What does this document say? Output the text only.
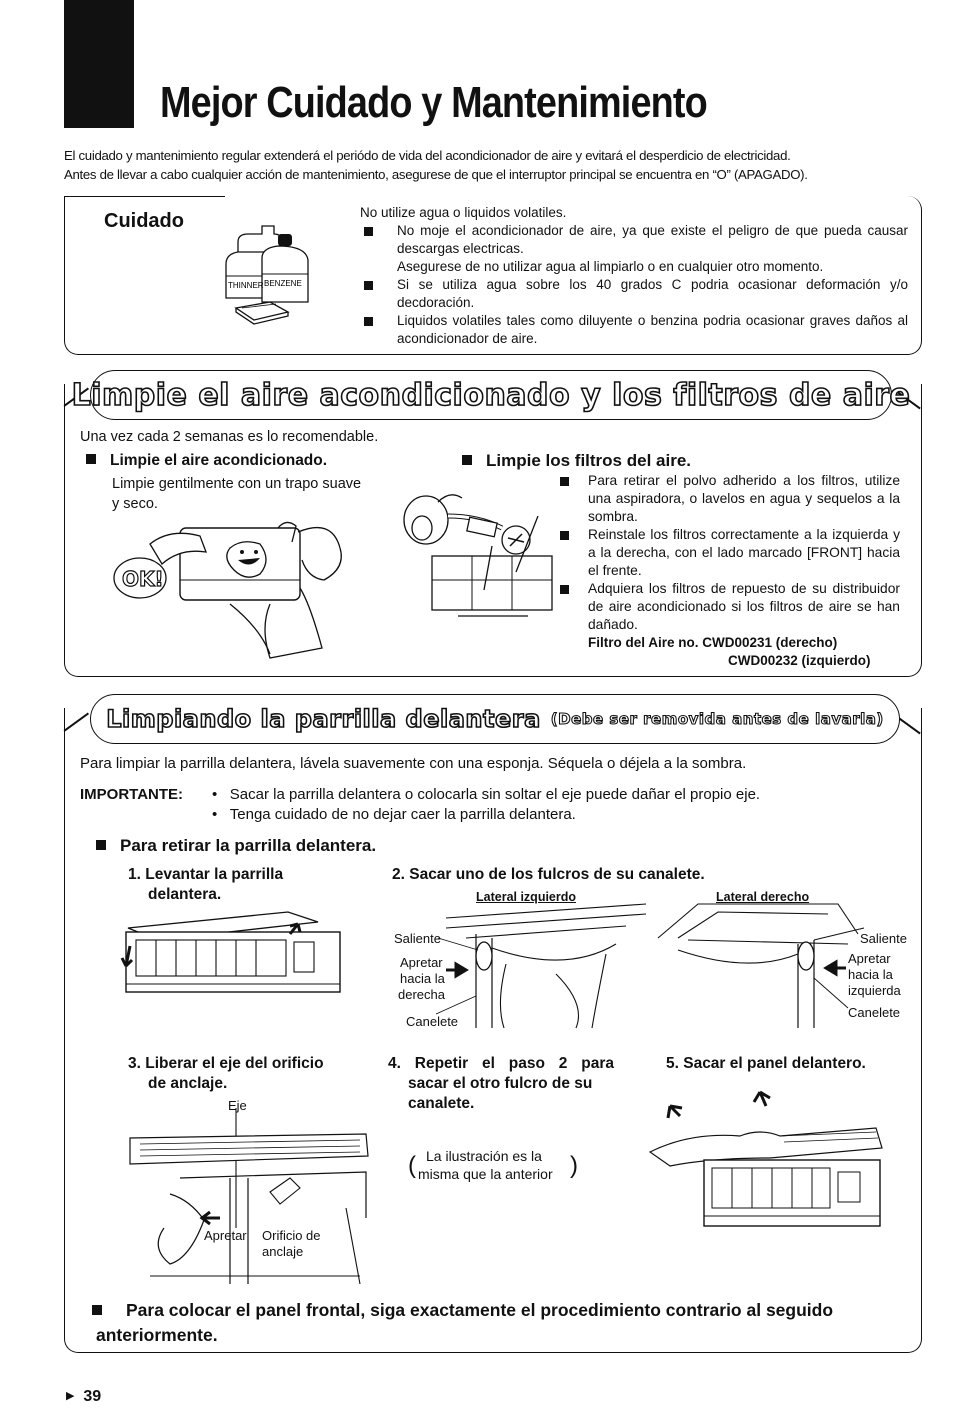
Mejor Cuidado y Mantenimiento

El cuidado y mantenimiento regular extenderá el periódo de vida del acondicionador de aire y evitará el desperdicio de electricidad.

Antes de llevar a cabo cualquier acción de mantenimiento, asegurese de que el interruptor principal se encuentra en “O” (APAGADO).

Cuidado
THINNER BENZENE

No utilize agua o liquidos volatiles.

No moje el acondicionador de aire, ya que existe el peligro de que pueda causar descargas electricas.
Asegurese de no utilizar agua al limpiarlo o en cualquier otro momento.
Si se utiliza agua sobre los 40 grados C podria ocasionar deformación y/o decdoración.
Liquidos volatiles tales como diluyente o benzina podria ocasionar graves daños al acondicionador de aire.
Limpie el aire acondicionado y los filtros de aire
Una vez cada 2 semanas es lo recomendable.
Limpie el aire acondicionado.
Limpie gentilmente con un trapo suave y seco.
OK!
Limpie los filtros del aire.
Para retirar el polvo adherido a los filtros, utilize una aspiradora, o lavelos en agua y sequelos a la sombra.
Reinstale los filtros correctamente a la izquierda y a la derecha, con el lado marcado [FRONT] hacia el frente.
Adquiera los filtros de repuesto de su distribuidor de aire acondicionado si los filtros de aire se han dañado.
Filtro del Aire no. CWD00231 (derecho)
CWD00232 (izquierdo)
Limpiando la parrilla delantera (Debe ser removida antes de lavarla)
Para limpiar la parrilla delantera, lávela suavemente con una esponja. Séquela o déjela a la sombra.
IMPORTANTE: •   Sacar la parrilla delantera o colocarla sin soltar el eje puede dañar el propio eje.
•   Tenga cuidado de no dejar caer la parrilla delantera.
Para retirar la parrilla delantera.
1. Levantar la parrilla
delantera.
2. Sacar uno de los fulcros de su canalete.
Lateral izquierdo	Lateral derecho
Saliente
Apretar
hacia la
derecha
Canelete
Saliente
Apretar
hacia la
izquierda
Canelete
3. Liberar el eje del orificio
de anclaje.
Eje
Apretar Orificio de
anclaje
4. Repetir el paso 2 para
sacar el otro fulcro de su
canalete.
( La ilustración es la
misma que la anterior )
5. Sacar el panel delantero.
Para colocar el panel frontal, siga exactamente el procedimiento contrario al seguido anteriormente.
▶ 39
